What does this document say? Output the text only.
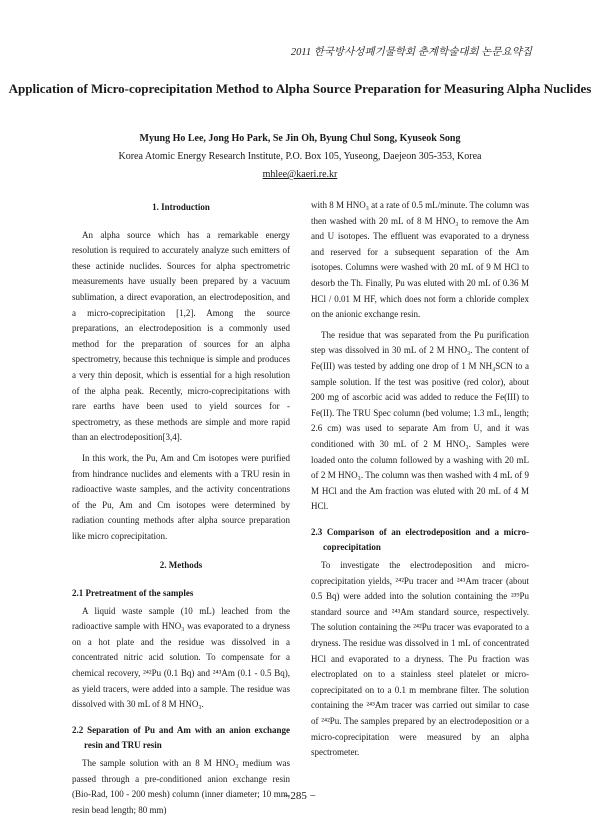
2011 한국방사성폐기물학회 춘계학술대회 논문요약집
Application of Micro-coprecipitation Method to Alpha Source Preparation for Measuring Alpha Nuclides
Myung Ho Lee, Jong Ho Park, Se Jin Oh, Byung Chul Song, Kyuseok Song
Korea Atomic Energy Research Institute, P.O. Box 105, Yuseong, Daejeon 305-353, Korea
mhlee@kaeri.re.kr
1. Introduction

An alpha source which has a remarkable energy resolution is required to accurately analyze such emitters of these actinide nuclides. Sources for alpha spectrometric measurements have usually been prepared by a vacuum sublimation, a direct evaporation, an electrodeposition, and a micro-coprecipitation [1,2]. Among the source preparations, an electrodeposition is a commonly used method for the preparation of sources for an alpha spectrometry, because this technique is simple and produces a very thin deposit, which is essential for a high resolution of the alpha peak. Recently, micro-coprecipitations with rare earths have been used to yield sources for -spectrometry, as these methods are simple and more rapid than an electrodeposition[3,4].

In this work, the Pu, Am and Cm isotopes were purified from hindrance nuclides and elements with a TRU resin in radioactive waste samples, and the activity concentrations of the Pu, Am and Cm isotopes were determined by radiation counting methods after alpha source preparation like micro coprecipitation.

2. Methods
2.1 Pretreatment of the samples

A liquid waste sample (10 mL) leached from the radioactive sample with HNO₃ was evaporated to a dryness on a hot plate and the residue was dissolved in a concentrated nitric acid solution. To compensate for a chemical recovery, ²⁴²Pu (0.1 Bq) and ²⁴³Am (0.1 - 0.5 Bq), as yield tracers, were added into a sample. The residue was dissolved with 30 mL of 8 M HNO₃.

2.2 Separation of Pu and Am with an anion exchange resin and TRU resin

The sample solution with an 8 M HNO₃ medium was passed through a pre-conditioned anion exchange resin (Bio-Rad, 100 - 200 mesh) column (inner diameter; 10 mm, resin bead length; 80 mm)

with 8 M HNO₃ at a rate of 0.5 mL/minute. The column was then washed with 20 mL of 8 M HNO₃ to remove the Am and U isotopes. The effluent was evaporated to a dryness and reserved for a subsequent separation of the Am isotopes. Columns were washed with 20 mL of 9 M HCl to desorb the Th. Finally, Pu was eluted with 20 mL of 0.36 M HCl / 0.01 M HF, which does not form a chloride complex on the anionic exchange resin.

The residue that was separated from the Pu purification step was dissolved in 30 mL of 2 M HNO₃. The content of Fe(III) was tested by adding one drop of 1 M NH₄SCN to a sample solution. If the test was positive (red color), about 200 mg of ascorbic acid was added to reduce the Fe(III) to Fe(II). The TRU Spec column (bed volume; 1.3 mL, length; 2.6 cm) was used to separate Am from U, and it was conditioned with 30 mL of 2 M HNO₃. Samples were loaded onto the column followed by a washing with 20 mL of 2 M HNO₃. The column was then washed with 4 mL of 9 M HCl and the Am fraction was eluted with 20 mL of 4 M HCl.

2.3 Comparison of an electrodeposition and a micro-coprecipitation

To investigate the electrodeposition and micro-coprecipitation yields, ²⁴²Pu tracer and ²⁴³Am tracer (about 0.5 Bq) were added into the solution containing the ²³⁹Pu standard source and ²⁴³Am standard source, respectively. The solution containing the ²⁴²Pu tracer was evaporated to a dryness. The residue was dissolved in 1 mL of concentrated HCl and evaporated to a dryness. The Pu fraction was electroplated on to a stainless steel platelet or micro-coprecipitated on to a 0.1 m membrane filter. The solution containing the ²⁴³Am tracer was carried out similar to case of ²⁴²Pu. The samples prepared by an electrodeposition or a micro-coprecipitation were measured by an alpha spectrometer.

−285 −
